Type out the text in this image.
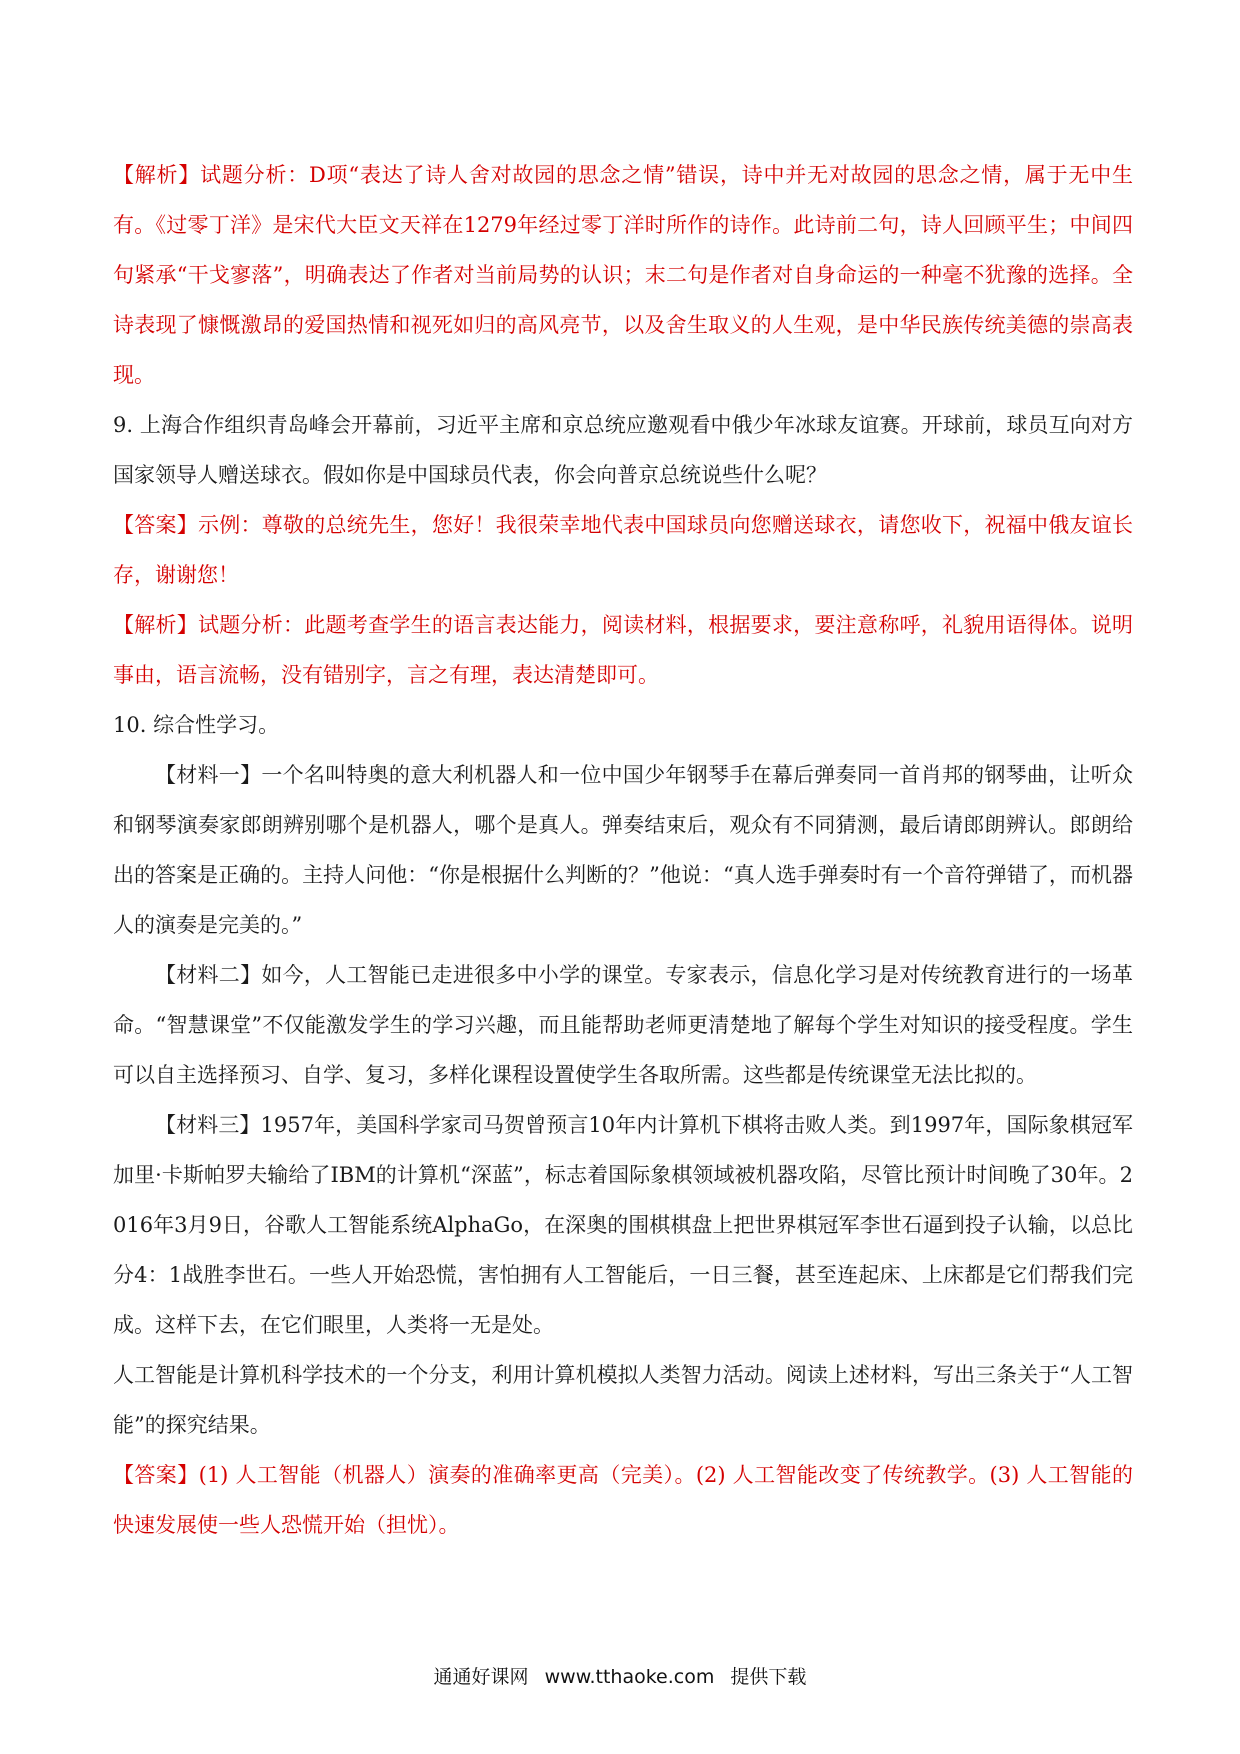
【解析】试题分析：D项“表达了诗人舍对故园的思念之情”错误，诗中并无对故园的思念之情，属于无中生有。《过零丁洋》是宋代大臣文天祥在1279年经过零丁洋时所作的诗作。此诗前二句，诗人回顾平生；中间四句紧承“干戈寥落”，明确表达了作者对当前局势的认识；末二句是作者对自身命运的一种毫不犹豫的选择。全诗表现了慷慨激昂的爱国热情和视死如归的高风亮节，以及舍生取义的人生观，是中华民族传统美德的崇高表现。

9. 上海合作组织青岛峰会开幕前，习近平主席和京总统应邀观看中俄少年冰球友谊赛。开球前，球员互向对方国家领导人赠送球衣。假如你是中国球员代表，你会向普京总统说些什么呢？

【答案】示例：尊敬的总统先生，您好！我很荣幸地代表中国球员向您赠送球衣，请您收下，祝福中俄友谊长存，谢谢您！

【解析】试题分析：此题考查学生的语言表达能力，阅读材料，根据要求，要注意称呼，礼貌用语得体。说明事由，语言流畅，没有错别字，言之有理，表达清楚即可。

10. 综合性学习。

【材料一】一个名叫特奥的意大利机器人和一位中国少年钢琴手在幕后弹奏同一首肖邦的钢琴曲，让听众和钢琴演奏家郎朗辨别哪个是机器人，哪个是真人。弹奏结束后，观众有不同猜测，最后请郎朗辨认。郎朗给出的答案是正确的。主持人问他：“你是根据什么判断的？”他说：“真人选手弹奏时有一个音符弹错了，而机器人的演奏是完美的。”

【材料二】如今，人工智能已走进很多中小学的课堂。专家表示，信息化学习是对传统教育进行的一场革命。“智慧课堂”不仅能激发学生的学习兴趣，而且能帮助老师更清楚地了解每个学生对知识的接受程度。学生可以自主选择预习、自学、复习，多样化课程设置使学生各取所需。这些都是传统课堂无法比拟的。

【材料三】1957年，美国科学家司马贺曾预言10年内计算机下棋将击败人类。到1997年，国际象棋冠军加里·卡斯帕罗夫输给了IBM的计算机“深蓝”，标志着国际象棋领域被机器攻陷，尽管比预计时间晚了30年。2016年3月9日，谷歌人工智能系统AlphaGo，在深奥的围棋棋盘上把世界棋冠军李世石逼到投子认输，以总比分4：1战胜李世石。一些人开始恐慌，害怕拥有人工智能后，一日三餐，甚至连起床、上床都是它们帮我们完成。这样下去，在它们眼里，人类将一无是处。

人工智能是计算机科学技术的一个分支，利用计算机模拟人类智力活动。阅读上述材料，写出三条关于“人工智能”的探究结果。

【答案】(1) 人工智能（机器人）演奏的准确率更高（完美）。(2) 人工智能改变了传统教学。(3) 人工智能的快速发展使一些人恐慌开始（担忧）。

通通好课网 www.tthaoke.com 提供下载
